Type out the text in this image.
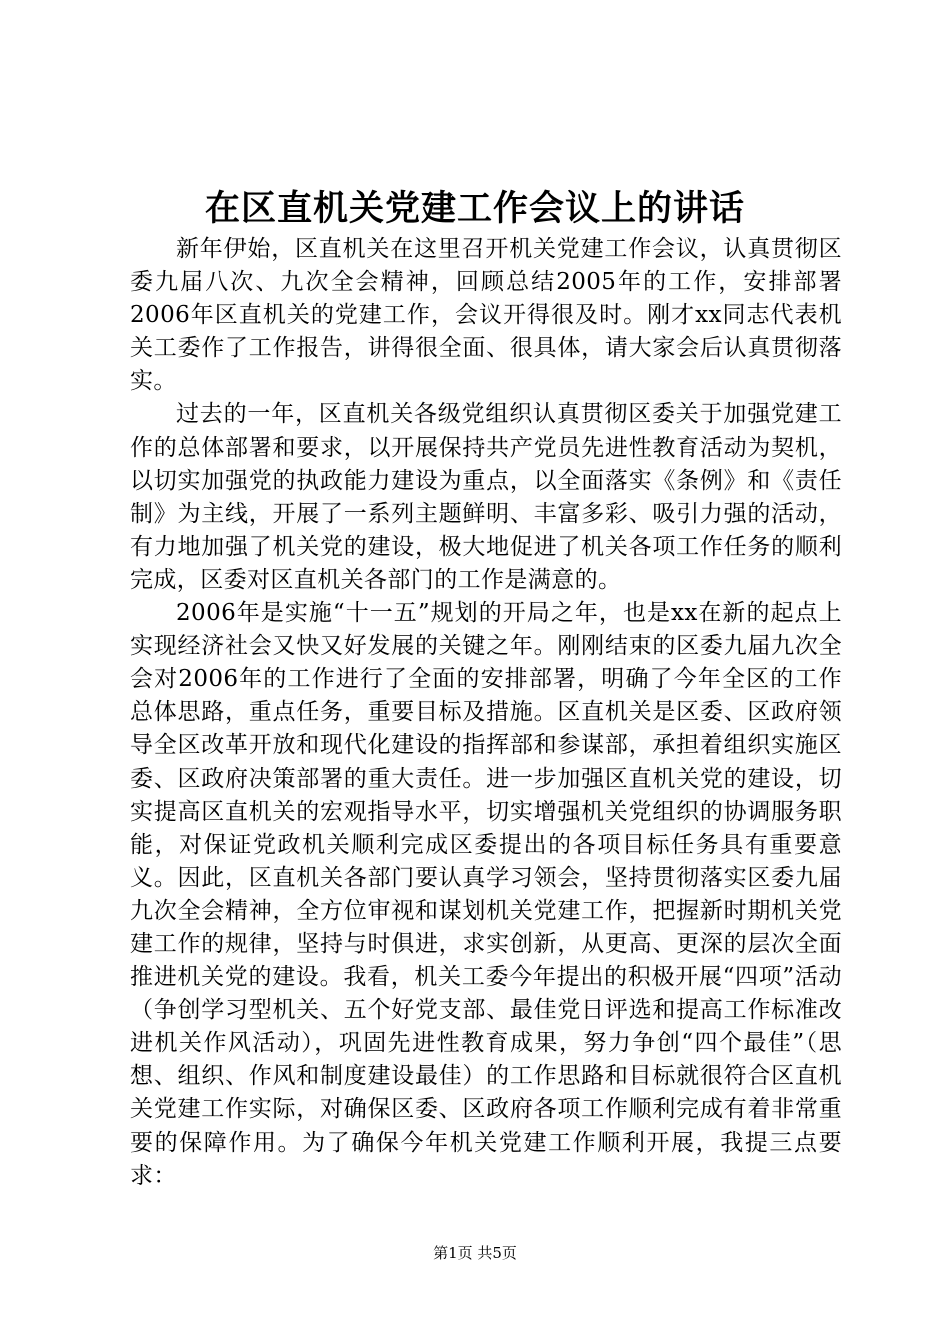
在区直机关党建工作会议上的讲话

新年伊始，区直机关在这里召开机关党建工作会议，认真贯彻区委九届八次、九次全会精神，回顾总结2005年的工作，安排部署2006年区直机关的党建工作，会议开得很及时。刚才xx同志代表机关工委作了工作报告，讲得很全面、很具体，请大家会后认真贯彻落实。

过去的一年，区直机关各级党组织认真贯彻区委关于加强党建工作的总体部署和要求，以开展保持共产党员先进性教育活动为契机，以切实加强党的执政能力建设为重点，以全面落实《条例》和《责任制》为主线，开展了一系列主题鲜明、丰富多彩、吸引力强的活动，有力地加强了机关党的建设，极大地促进了机关各项工作任务的顺利完成，区委对区直机关各部门的工作是满意的。

2006年是实施“十一五”规划的开局之年，也是xx在新的起点上实现经济社会又快又好发展的关键之年。刚刚结束的区委九届九次全会对2006年的工作进行了全面的安排部署，明确了今年全区的工作总体思路，重点任务，重要目标及措施。区直机关是区委、区政府领导全区改革开放和现代化建设的指挥部和参谋部，承担着组织实施区委、区政府决策部署的重大责任。进一步加强区直机关党的建设，切实提高区直机关的宏观指导水平，切实增强机关党组织的协调服务职能，对保证党政机关顺利完成区委提出的各项目标任务具有重要意义。因此，区直机关各部门要认真学习领会，坚持贯彻落实区委九届九次全会精神，全方位审视和谋划机关党建工作，把握新时期机关党建工作的规律，坚持与时俱进，求实创新，从更高、更深的层次全面推进机关党的建设。我看，机关工委今年提出的积极开展“四项”活动（争创学习型机关、五个好党支部、最佳党日评选和提高工作标准改进机关作风活动），巩固先进性教育成果，努力争创“四个最佳”（思想、组织、作风和制度建设最佳）的工作思路和目标就很符合区直机关党建工作实际，对确保区委、区政府各项工作顺利完成有着非常重要的保障作用。为了确保今年机关党建工作顺利开展，我提三点要求：

第1页 共5页
